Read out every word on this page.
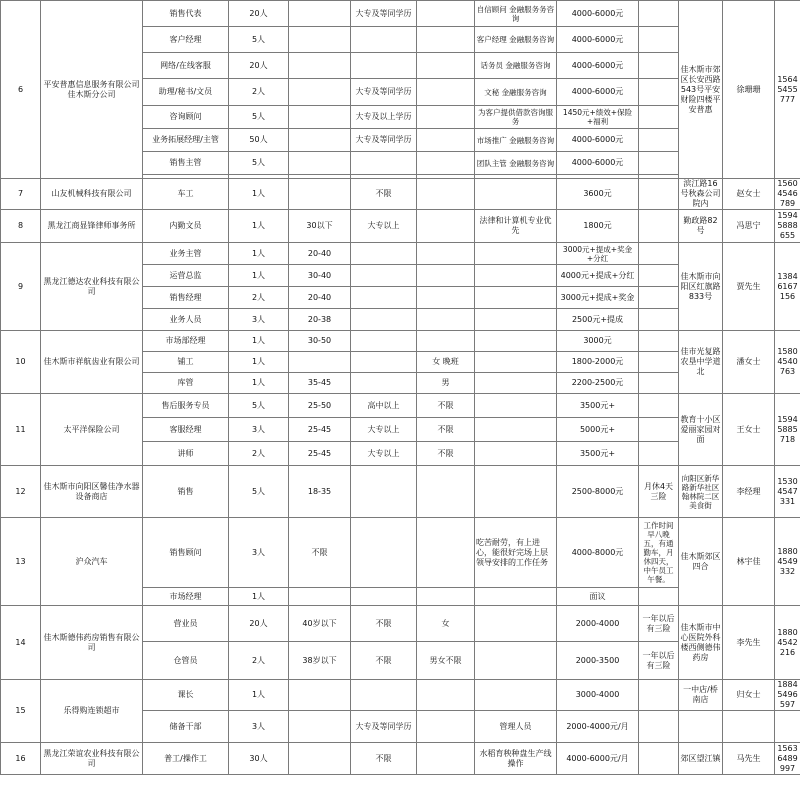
6	平安普惠信息服务有限公司佳木斯分公司	销售代表	20人		大专及等同学历		自信顾问 金融服务务咨询	4000-6000元		佳木斯市郊区长安西路543号平安财险四楼平安普惠	徐珊珊	15645455777
		客户经理	5人				客户经理 金融服务咨询	4000-6000元				
		网络/在线客服	20人				话务员 金融服务咨询	4000-6000元				
		助理/秘书/文员	2人		大专及等同学历		文秘 金融服务咨询	4000-6000元				
		咨询顾问	5人		大专及以上学历		为客户提供借款咨询服务	1450元+绩效+保险+福利				
		业务拓展经理/主管	50人		大专及等同学历		市场推广 金融服务咨询	4000-6000元				
		销售主管	5人				团队主管 金融服务咨询	4000-6000元				

7	山友机械科技有限公司	车工	1人		不限			3600元		滨江路16号秋森公司院内	赵女士	15604546789
8	黑龙江商显锋律师事务所	内勤文员	1人	30以下	大专以上		法律和计算机专业优先	1800元		勤政路82号	冯思宁	15945888655
9	黑龙江德达农业科技有限公司	业务主管	1人	20-40				3000元+提成+奖金+分红		佳木斯市向阳区红旗路833号	贾先生	13846167156
		运营总监	1人	30-40				4000元+提成+分红				
		销售经理	2人	20-40				3000元+提成+奖金				
		业务人员	3人	20-38				2500元+提成				
10	佳木斯市祥航齿业有限公司	市场部经理	1人	30-50				3000元		佳市光复路农垦中学道北	潘女士	15804540763
		铺工	1人			女 晚班		1800-2000元				
		库管	1人	35-45		男		2200-2500元				
11	太平洋保险公司	售后服务专员	5人	25-50	高中以上	不限		3500元+		教育十小区爱丽家园对面	王女士	15945885718
		客服经理	3人	25-45	大专以上	不限		5000元+				
		讲师	2人	25-45	大专以上	不限		3500元+				
12	佳木斯市向阳区馨佳净水器设备商店	销售	5人	18-35				2500-8000元	月休4天三险	向阳区新华路新华社区翰林院二区美食街	李经理	15304547331
13	沪众汽车	销售顾问	3人	不限			吃苦耐劳，有上进心，能很好完场上层领导安排的工作任务	4000-8000元	工作时间早八晚五，有通勤车，月休四天，中午员工午餐。	佳木斯郊区四合	林宇佳	18804549332
		市场经理	1人					面议				
14	佳木斯德伟药房销售有限公司	营业员	20人	40岁以下	不限	女		2000-4000	一年以后有三险	佳木斯市中心医院外科楼西侧德伟药房	李先生	18804542216
		仓管员	2人	38岁以下	不限	男女不限		2000-3500	一年以后有三险			
15	乐得购连锁超市	课长	1人					3000-4000		一中店/桥南店	归女士	18845496597
		储备干部	3人		大专及等同学历		管理人员	2000-4000元/月				
16	黑龙江荣谊农业科技有限公司	普工/操作工	30人		不限		水稻育秧种盘生产线操作	4000-6000元/月		郊区望江镇	马先生	15636489997
